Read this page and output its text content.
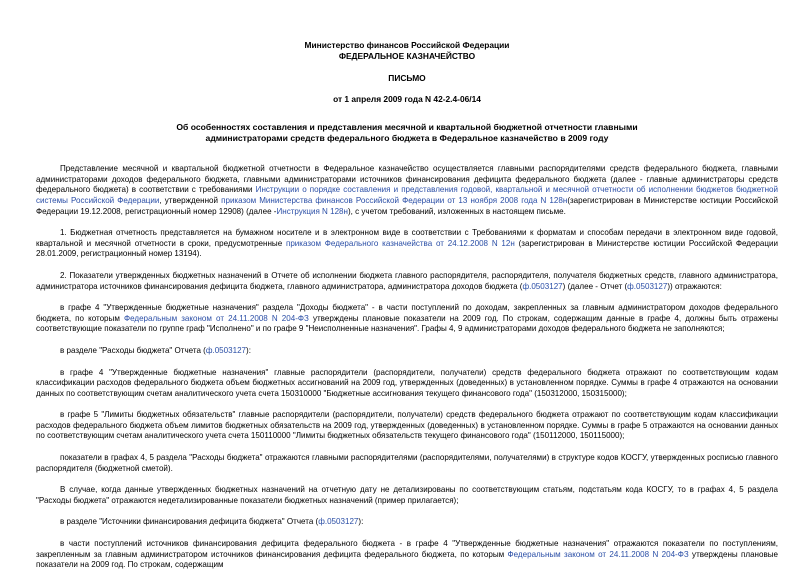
Министерство финансов Российской Федерации
ФЕДЕРАЛЬНОЕ КАЗНАЧЕЙСТВО
ПИСЬМО
от 1 апреля 2009 года N 42-2.4-06/14
Об особенностях составления и представления месячной и квартальной бюджетной отчетности главными
администраторами средств федерального бюджета в Федеральное казначейство в 2009 году

Представление месячной и квартальной бюджетной отчетности в Федеральное казначейство осуществляется главными распорядителями средств федерального бюджета, главными администраторами доходов федерального бюджета, главными администраторами источников финансирования дефицита федерального бюджета (далее - главные администраторы средств федерального бюджета) в соответствии с требованиями Инструкции о порядке составления и представления годовой, квартальной и месячной отчетности об исполнении бюджетов бюджетной системы Российской Федерации, утвержденной приказом Министерства финансов Российской Федерации от 13 ноября 2008 года N 128н(зарегистрирован в Министерстве юстиции Российской Федерации 19.12.2008, регистрационный номер 12908) (далее -Инструкция N 128н), с учетом требований, изложенных в настоящем письме.

1. Бюджетная отчетность представляется на бумажном носителе и в электронном виде в соответствии с Требованиями к форматам и способам передачи в электронном виде годовой, квартальной и месячной отчетности в сроки, предусмотренные приказом Федерального казначейства от 24.12.2008 N 12н (зарегистрирован в Министерстве юстиции Российской Федерации 28.01.2009, регистрационный номер 13194).

2. Показатели утвержденных бюджетных назначений в Отчете об исполнении бюджета главного распорядителя, распорядителя, получателя бюджетных средств, главного администратора, администратора источников финансирования дефицита бюджета, главного администратора, администратора доходов бюджета (ф.0503127) (далее - Отчет (ф.0503127)) отражаются:

в графе 4 "Утвержденные бюджетные назначения" раздела "Доходы бюджета" - в части поступлений по доходам, закрепленных за главным администратором доходов федерального бюджета, по которым Федеральным законом от 24.11.2008 N 204-ФЗ утверждены плановые показатели на 2009 год. По строкам, содержащим данные в графе 4, должны быть отражены соответствующие показатели по группе граф "Исполнено" и по графе 9 "Неисполненные назначения". Графы 4, 9 администраторами доходов федерального бюджета не заполняются;

в разделе "Расходы бюджета" Отчета (ф.0503127):

в графе 4 "Утвержденные бюджетные назначения" главные распорядители (распорядители, получатели) средств федерального бюджета отражают по соответствующим кодам классификации расходов федерального бюджета объем бюджетных ассигнований на 2009 год, утвержденных (доведенных) в установленном порядке. Суммы в графе 4 отражаются на основании данных по соответствующим счетам аналитического учета счета 150310000 "Бюджетные ассигнования текущего финансового года" (150312000, 150315000);

в графе 5 "Лимиты бюджетных обязательств" главные распорядители (распорядители, получатели) средств федерального бюджета отражают по соответствующим кодам классификации расходов федерального бюджета объем лимитов бюджетных обязательств на 2009 год, утвержденных (доведенных) в установленном порядке. Суммы в графе 5 отражаются на основании данных по соответствующим счетам аналитического учета счета 150110000 "Лимиты бюджетных обязательств текущего финансового года" (150112000, 150115000);

показатели в графах 4, 5 раздела "Расходы бюджета" отражаются главными распорядителями (распорядителями, получателями) в структуре кодов КОСГУ, утвержденных росписью главного распорядителя (бюджетной сметой).

В случае, когда данные утвержденных бюджетных назначений на отчетную дату не детализированы по соответствующим статьям, подстатьям кода КОСГУ, то в графах 4, 5 раздела "Расходы бюджета" отражаются недетализированные показатели бюджетных назначений (пример прилагается);

в разделе "Источники финансирования дефицита бюджета" Отчета (ф.0503127):

в части поступлений источников финансирования дефицита федерального бюджета - в графе 4 "Утвержденные бюджетные назначения" отражаются показатели по поступлениям, закрепленным за главным администратором источников финансирования дефицита федерального бюджета, по которым Федеральным законом от 24.11.2008 N 204-ФЗ утверждены плановые показатели на 2009 год. По строкам, содержащим
